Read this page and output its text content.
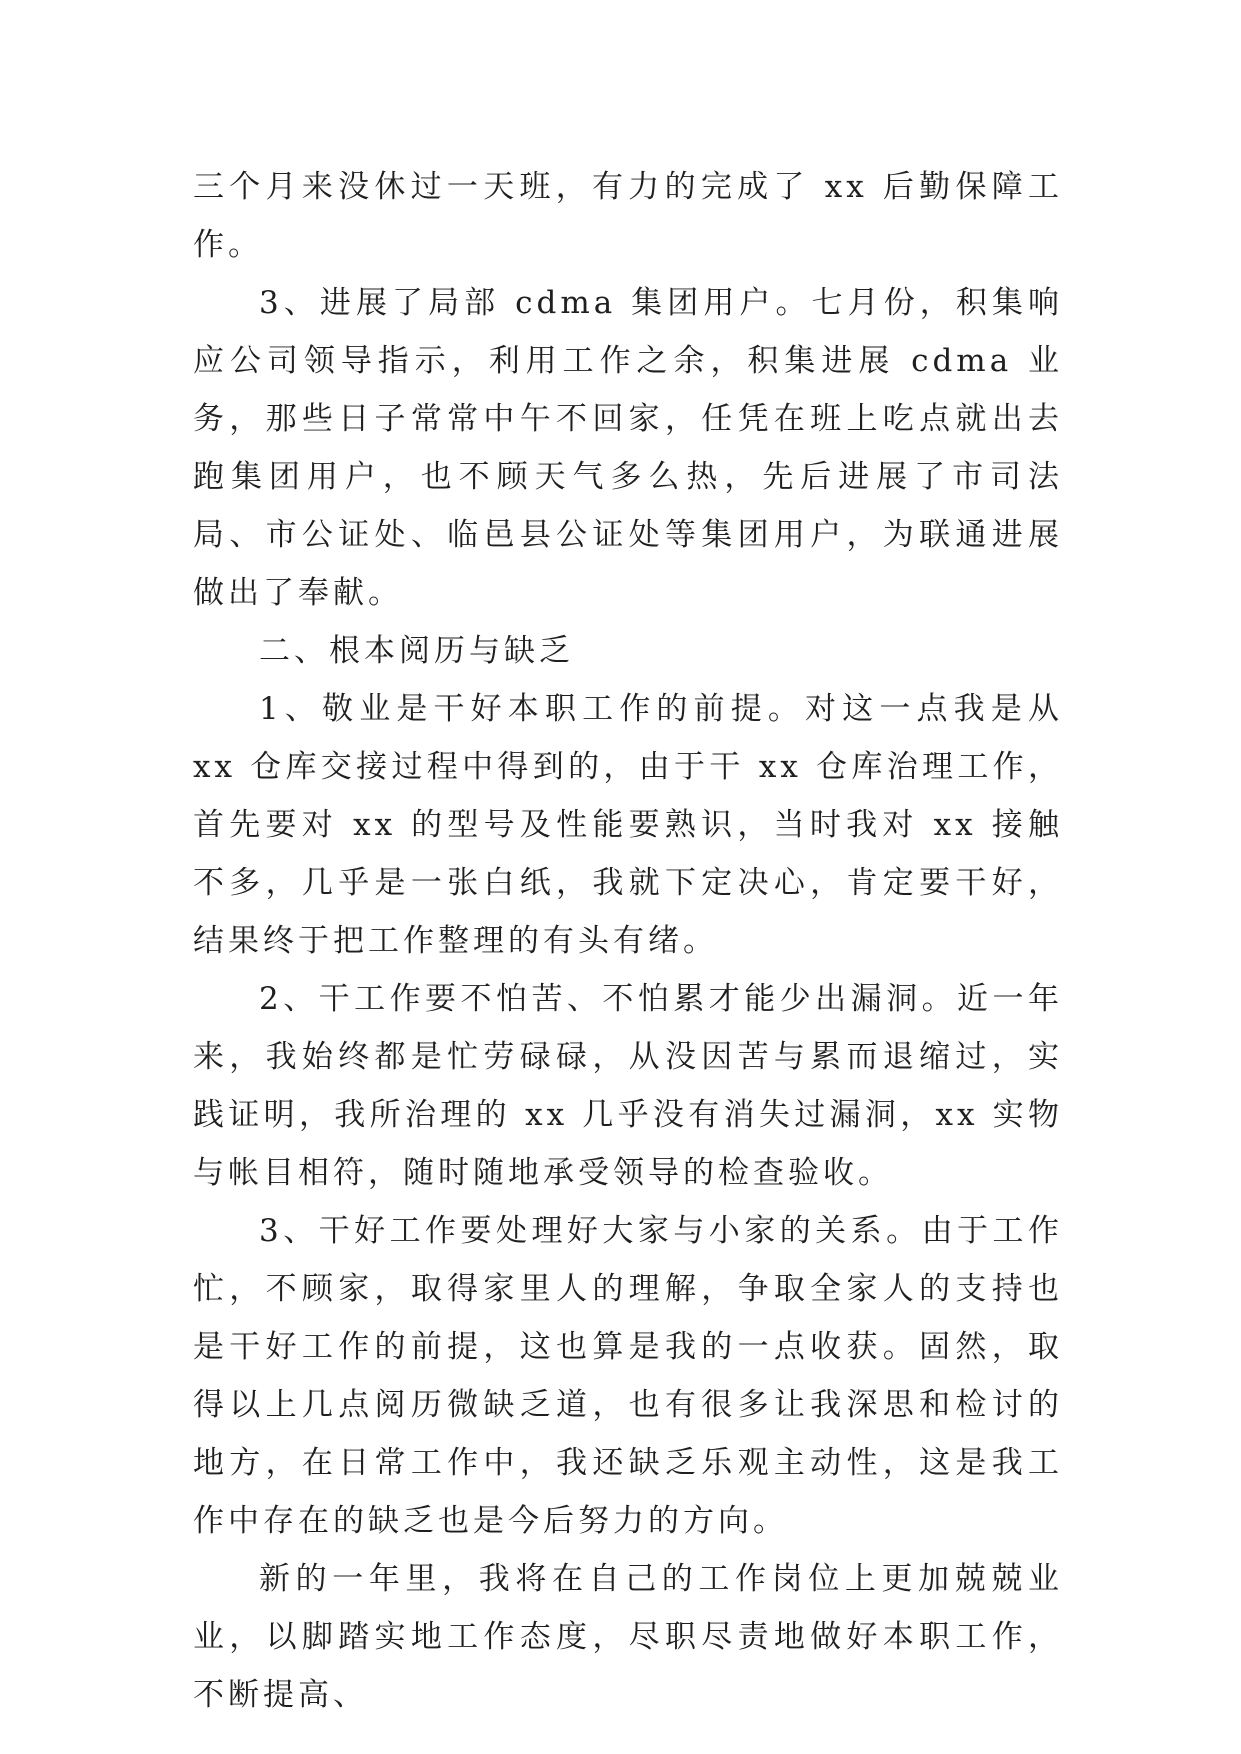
三个月来没休过一天班，有力的完成了 xx 后勤保障工作。

3、进展了局部 cdma 集团用户。七月份，积集响应公司领导指示，利用工作之余，积集进展 cdma 业务，那些日子常常中午不回家，任凭在班上吃点就出去跑集团用户，也不顾天气多么热，先后进展了市司法局、市公证处、临邑县公证处等集团用户，为联通进展做出了奉献。

二、根本阅历与缺乏

1、敬业是干好本职工作的前提。对这一点我是从 xx 仓库交接过程中得到的，由于干 xx 仓库治理工作，首先要对 xx 的型号及性能要熟识，当时我对 xx 接触不多，几乎是一张白纸，我就下定决心，肯定要干好，结果终于把工作整理的有头有绪。

2、干工作要不怕苦、不怕累才能少出漏洞。近一年来，我始终都是忙劳碌碌，从没因苦与累而退缩过，实践证明，我所治理的 xx 几乎没有消失过漏洞，xx 实物与帐目相符，随时随地承受领导的检查验收。

3、干好工作要处理好大家与小家的关系。由于工作忙，不顾家，取得家里人的理解，争取全家人的支持也是干好工作的前提，这也算是我的一点收获。固然，取得以上几点阅历微缺乏道，也有很多让我深思和检讨的地方，在日常工作中，我还缺乏乐观主动性，这是我工作中存在的缺乏也是今后努力的方向。

新的一年里，我将在自己的工作岗位上更加兢兢业业，以脚踏实地工作态度，尽职尽责地做好本职工作，不断提高、
